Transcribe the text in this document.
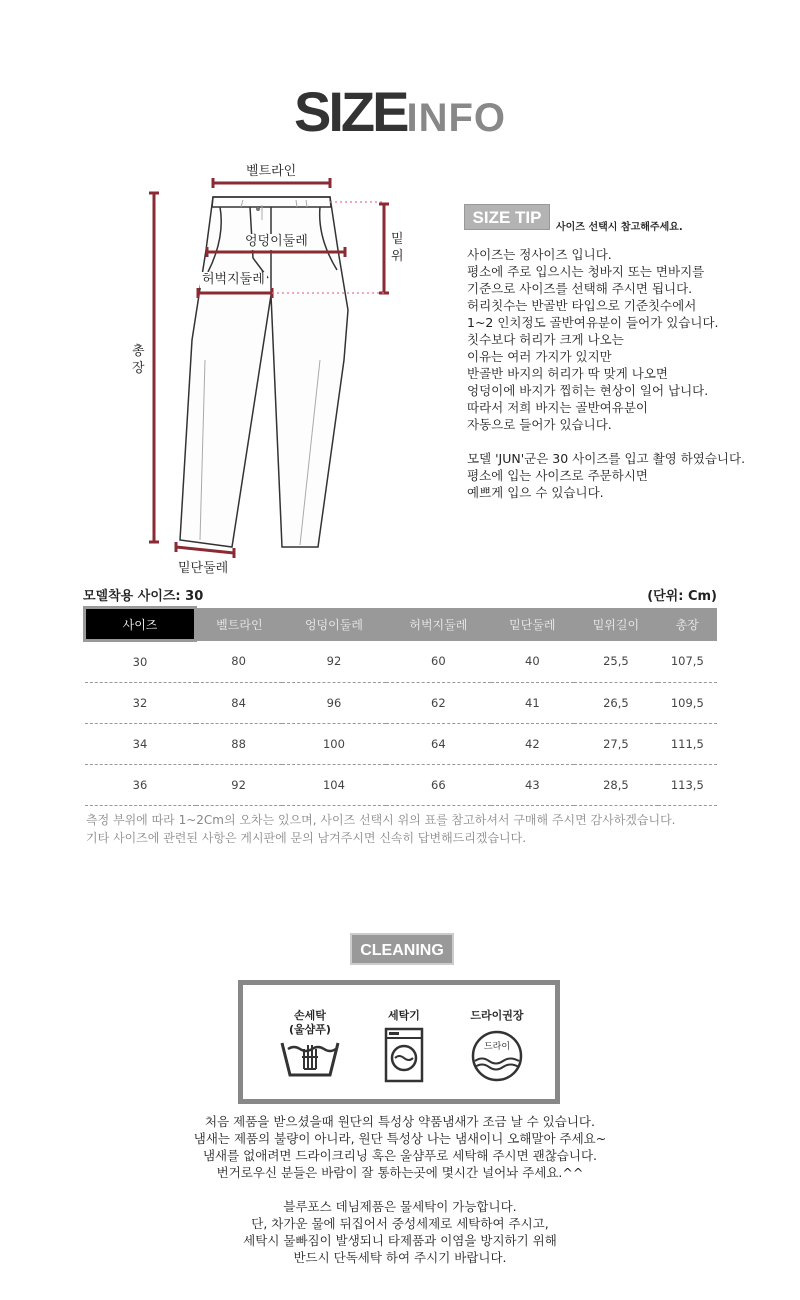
SIZEINFO
벨트라인
엉덩이둘레
허벅지둘레
밑단둘레
총장
밑위
SIZE TIP
사이즈 선택시 참고해주세요.

사이즈는 정사이즈 입니다.

평소에 주로 입으시는 청바지 또는 면바지를

기준으로 사이즈를 선택해 주시면 됩니다.

허리칫수는 반골반 타입으로 기준칫수에서

1~2 인치정도 골반여유분이 들어가 있습니다.

칫수보다 허리가 크게 나오는

이유는 여러 가지가 있지만

반골반 바지의 허리가 딱 맞게 나오면

엉덩이에 바지가 찝히는 현상이 일어 납니다.

따라서 저희 바지는 골반여유분이

자동으로 들어가 있습니다.

모델 'JUN'군은 30 사이즈를 입고 촬영 하였습니다.

평소에 입는 사이즈로 주문하시면

예쁘게 입으 수 있습니다.

모델착용 사이즈: 30	(단위: Cm)
사이즈	벨트라인	엉덩이둘레	허벅지둘레	밑단둘레	밑위길이	총장
30	80	92	60	40	25,5	107,5
32	84	96	62	41	26,5	109,5
34	88	100	64	42	27,5	111,5
36	92	104	66	43	28,5	113,5

측정 부위에 따라 1~2Cm의 오차는 있으며, 사이즈 선택시 위의 표를 참고하셔서 구매해 주시면 감사하겠습니다.

기타 사이즈에 관련된 사항은 게시판에 문의 남겨주시면 신속히 답변해드리겠습니다.

CLEANING
손세탁
(울샴푸)
세탁기	드라이권장
드라이

처음 제품을 받으셨을때 원단의 특성상 약품냄새가 조금 날 수 있습니다.

냄새는 제품의 불량이 아니라, 원단 특성상 나는 냄새이니 오해말아 주세요~

냄새를 없애려면 드라이크리닝 혹은 울샴푸로 세탁해 주시면 괜찮습니다.

번거로우신 분들은 바람이 잘 통하는곳에 몇시간 널어놔 주세요.^^

블루포스 데님제품은 물세탁이 가능합니다.

단, 차가운 물에 뒤집어서 중성세제로 세탁하여 주시고,

세탁시 물빠짐이 발생되니 타제품과 이염을 방지하기 위해

반드시 단독세탁 하여 주시기 바랍니다.
